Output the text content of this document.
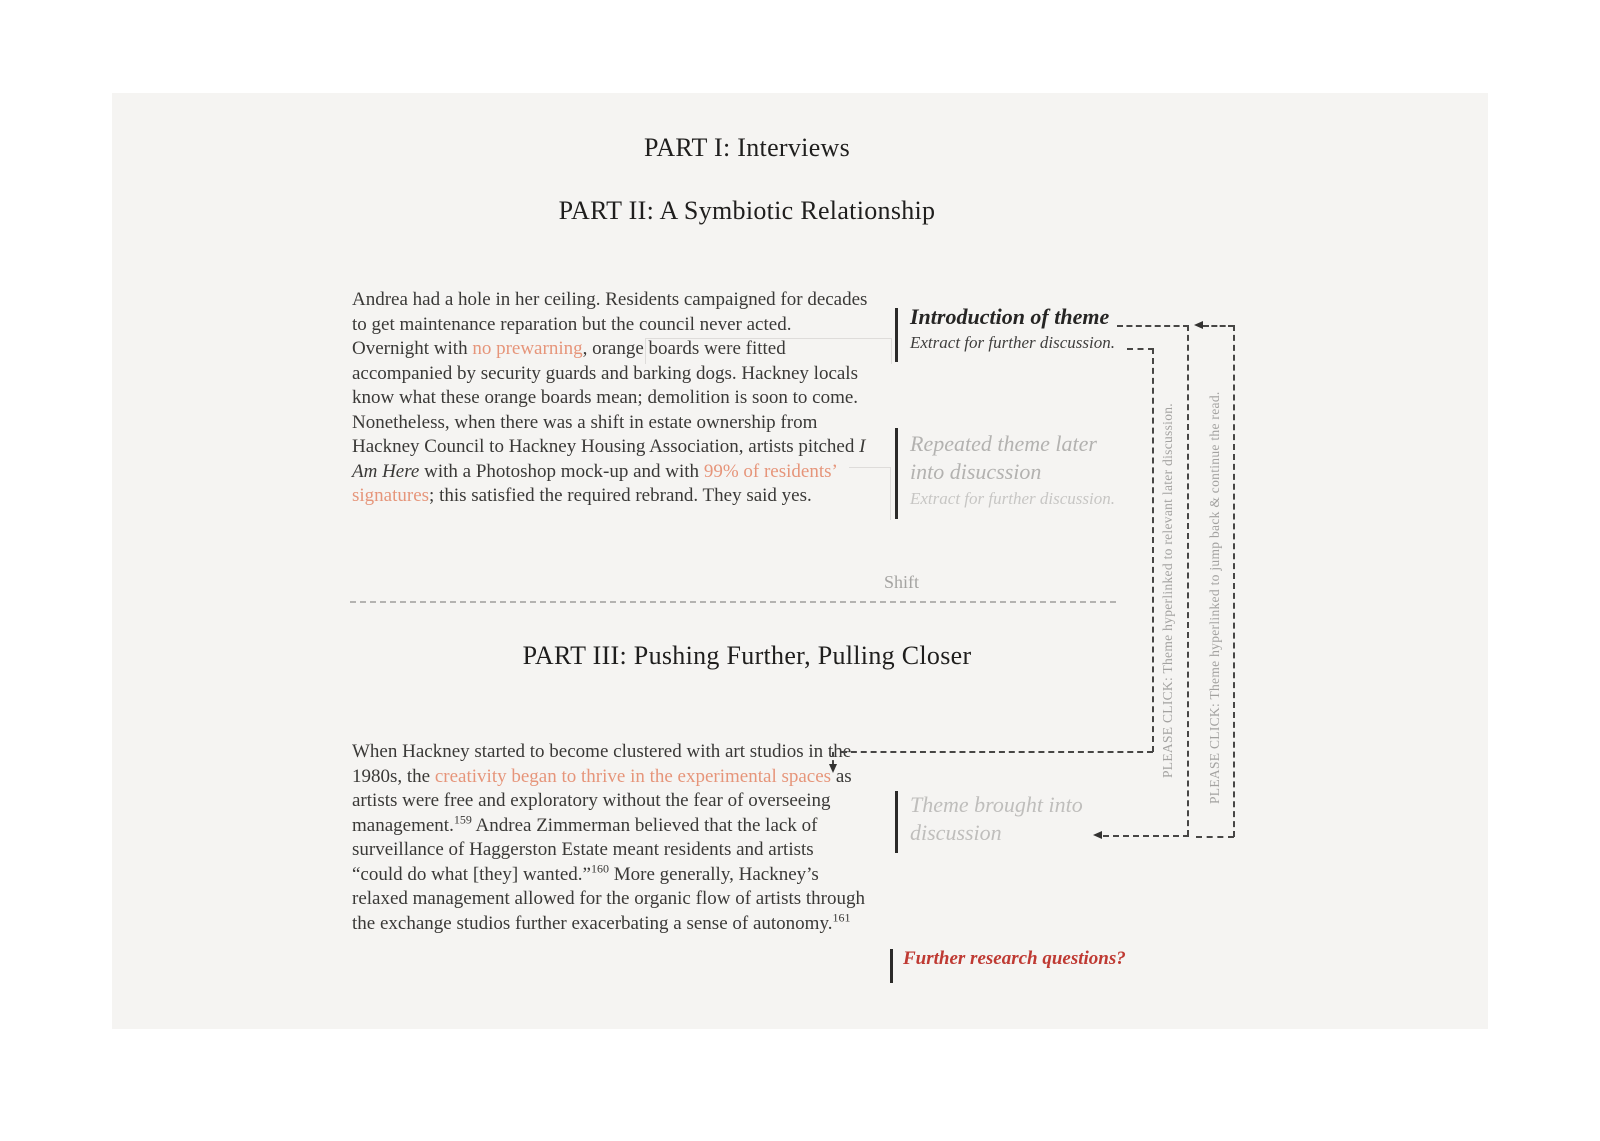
PART I: Interviews
PART II: A Symbiotic Relationship
PART III: Pushing Further, Pulling Closer
Andrea had a hole in her ceiling. Residents campaigned for decades to get maintenance reparation but the council never acted. Overnight with no prewarning, orange boards were fitted accompanied by security guards and barking dogs. Hackney locals know what these orange boards mean; demolition is soon to come. Nonetheless, when there was a shift in estate ownership from Hackney Council to Hackney Housing Association, artists pitched I Am Here with a Photoshop mock-up and with 99% of residents’ signatures; this satisfied the required rebrand. They said yes.
When Hackney started to become clustered with art studios in the 1980s, the creativity began to thrive in the experimental spaces as artists were free and exploratory without the fear of overseeing management.$^{159}$ Andrea Zimmerman believed that the lack of surveillance of Haggerston Estate meant residents and artists “could do what [they] wanted.”$^{160}$ More generally, Hackney’s relaxed management allowed for the organic flow of artists through the exchange studios further exacerbating a sense of autonomy.$^{161}$
Introduction of theme
Extract for further discussion.
Repeated theme later into disucssion
Extract for further discussion.
Shift
Theme brought into discussion
Further research questions?
PLEASE CLICK: Theme hyperlinked to relevant later discussion. PLEASE CLICK: Theme hyperlinked to jump back & continue the read.
